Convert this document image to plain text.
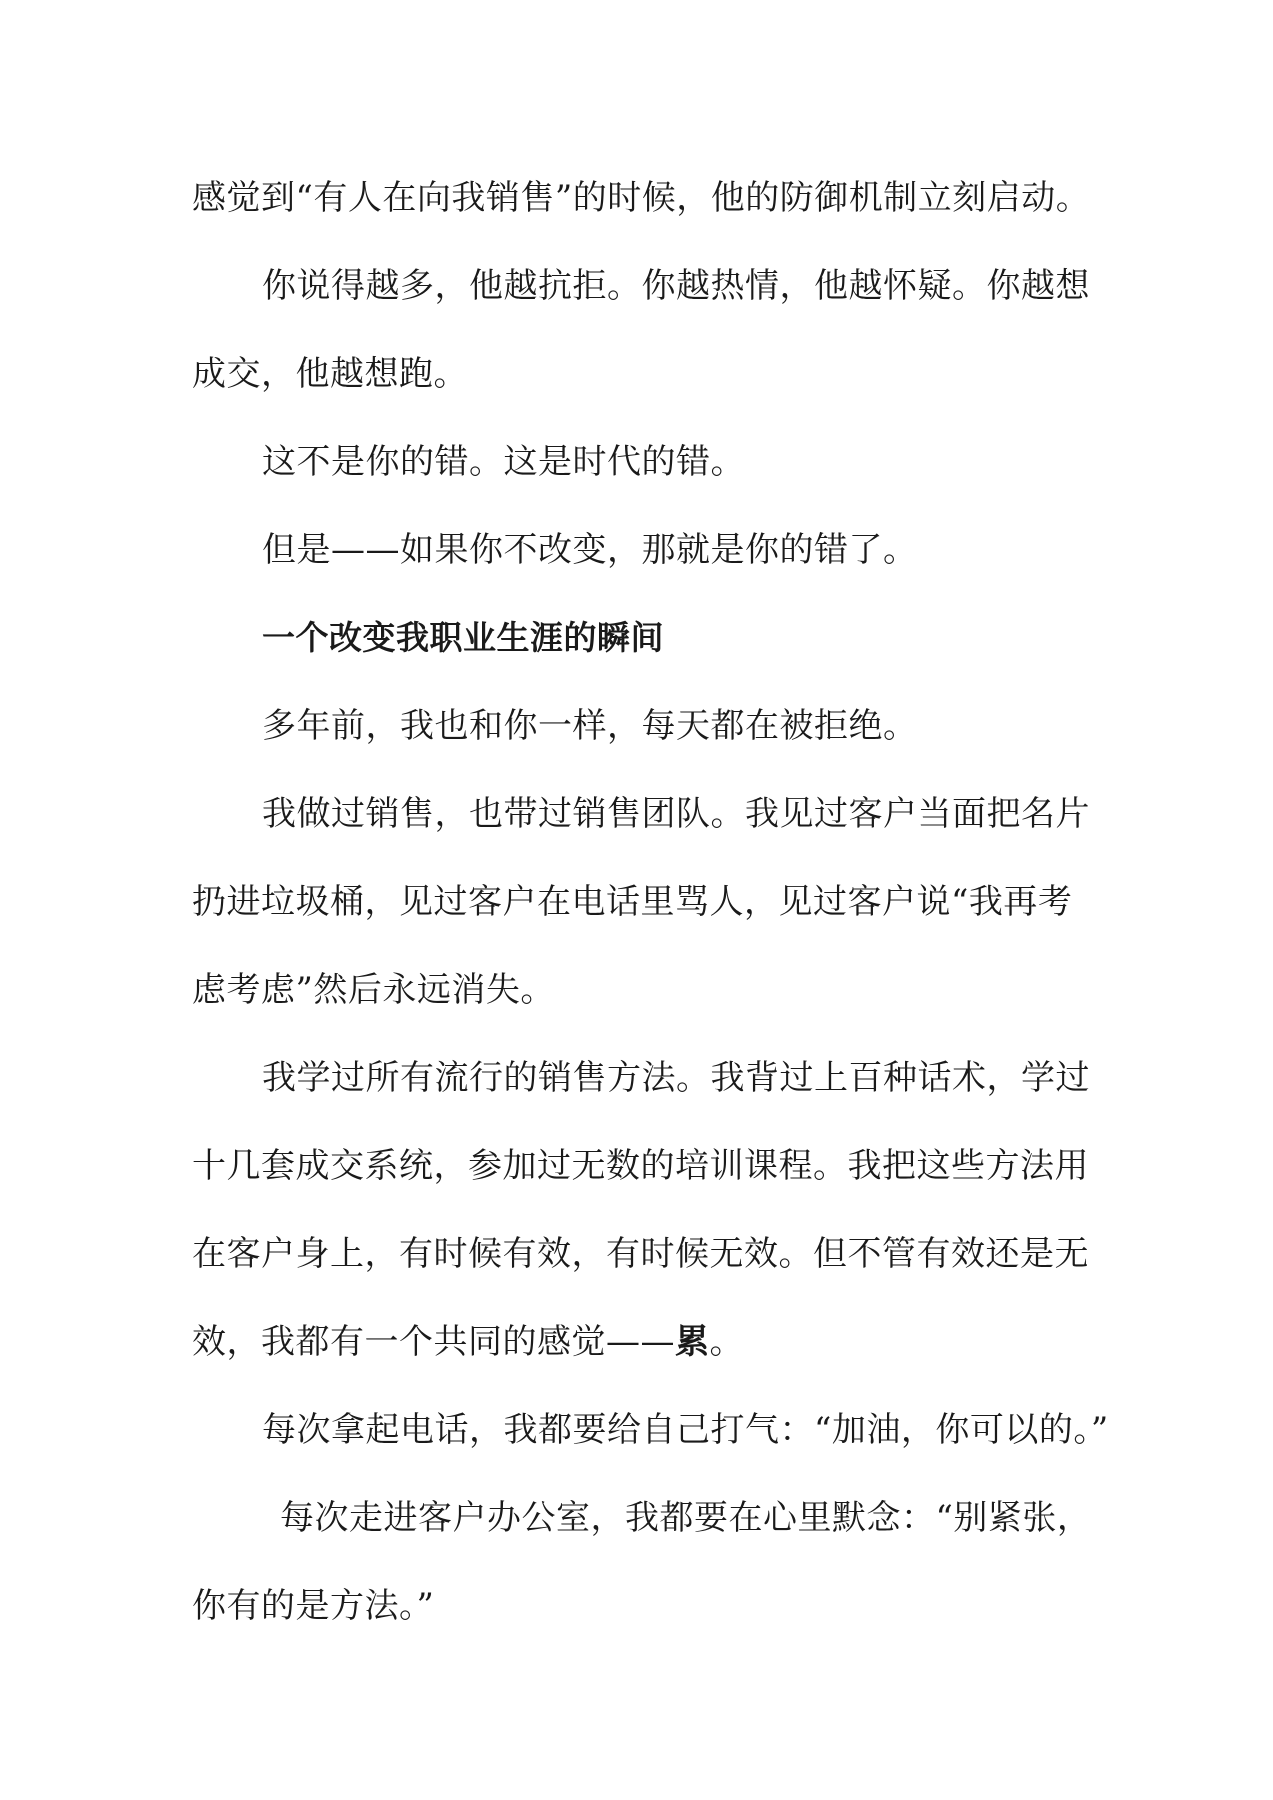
感觉到“有人在向我销售”的时候，他的防御机制立刻启动。

你说得越多，他越抗拒。你越热情，他越怀疑。你越想

成交，他越想跑。

这不是你的错。这是时代的错。

但是——如果你不改变，那就是你的错了。

一个改变我职业生涯的瞬间

多年前，我也和你一样，每天都在被拒绝。

我做过销售，也带过销售团队。我见过客户当面把名片

扔进垃圾桶，见过客户在电话里骂人，见过客户说“我再考

虑考虑”然后永远消失。

我学过所有流行的销售方法。我背过上百种话术，学过

十几套成交系统，参加过无数的培训课程。我把这些方法用

在客户身上，有时候有效，有时候无效。但不管有效还是无

效，我都有一个共同的感觉——累。

每次拿起电话，我都要给自己打气：“加油，你可以的。”

每次走进客户办公室，我都要在心里默念：“别紧张，

你有的是方法。”
